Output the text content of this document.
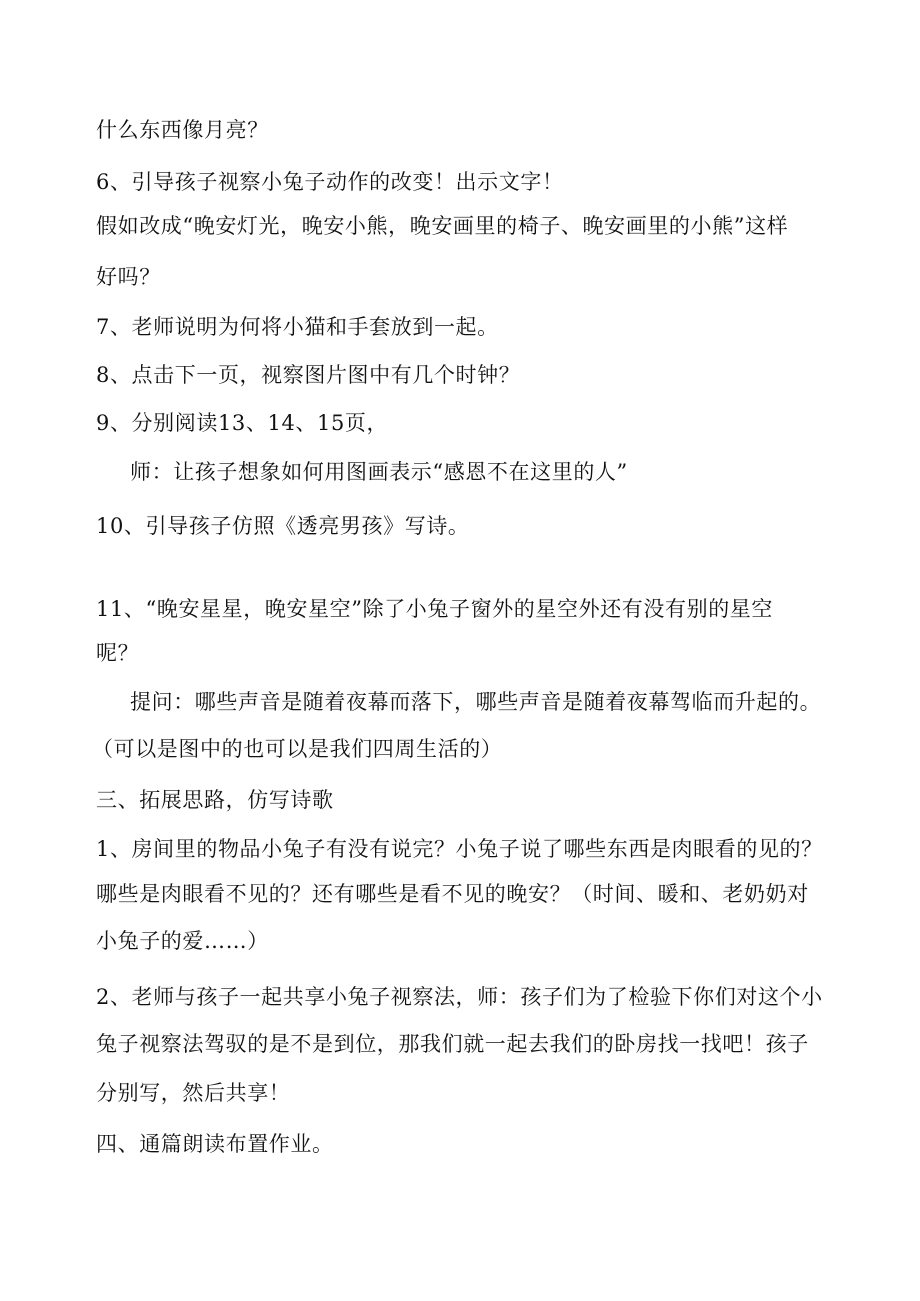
什么东西像月亮？
6、引导孩子视察小兔子动作的改变！出示文字！
假如改成“晚安灯光，晚安小熊，晚安画里的椅子、晚安画里的小熊”这样
好吗？
7、老师说明为何将小猫和手套放到一起。
8、点击下一页，视察图片图中有几个时钟？
9、分别阅读13、14、15页，
师：让孩子想象如何用图画表示“感恩不在这里的人”
10、引导孩子仿照《透亮男孩》写诗。
11、“晚安星星，晚安星空”除了小兔子窗外的星空外还有没有别的星空
呢？
提问：哪些声音是随着夜幕而落下，哪些声音是随着夜幕驾临而升起的。
（可以是图中的也可以是我们四周生活的）
三、拓展思路，仿写诗歌
1、房间里的物品小兔子有没有说完？小兔子说了哪些东西是肉眼看的见的？
哪些是肉眼看不见的？还有哪些是看不见的晚安？（时间、暖和、老奶奶对
小兔子的爱……）
2、老师与孩子一起共享小兔子视察法，师：孩子们为了检验下你们对这个小
兔子视察法驾驭的是不是到位，那我们就一起去我们的卧房找一找吧！孩子
分别写，然后共享！
四、通篇朗读布置作业。
